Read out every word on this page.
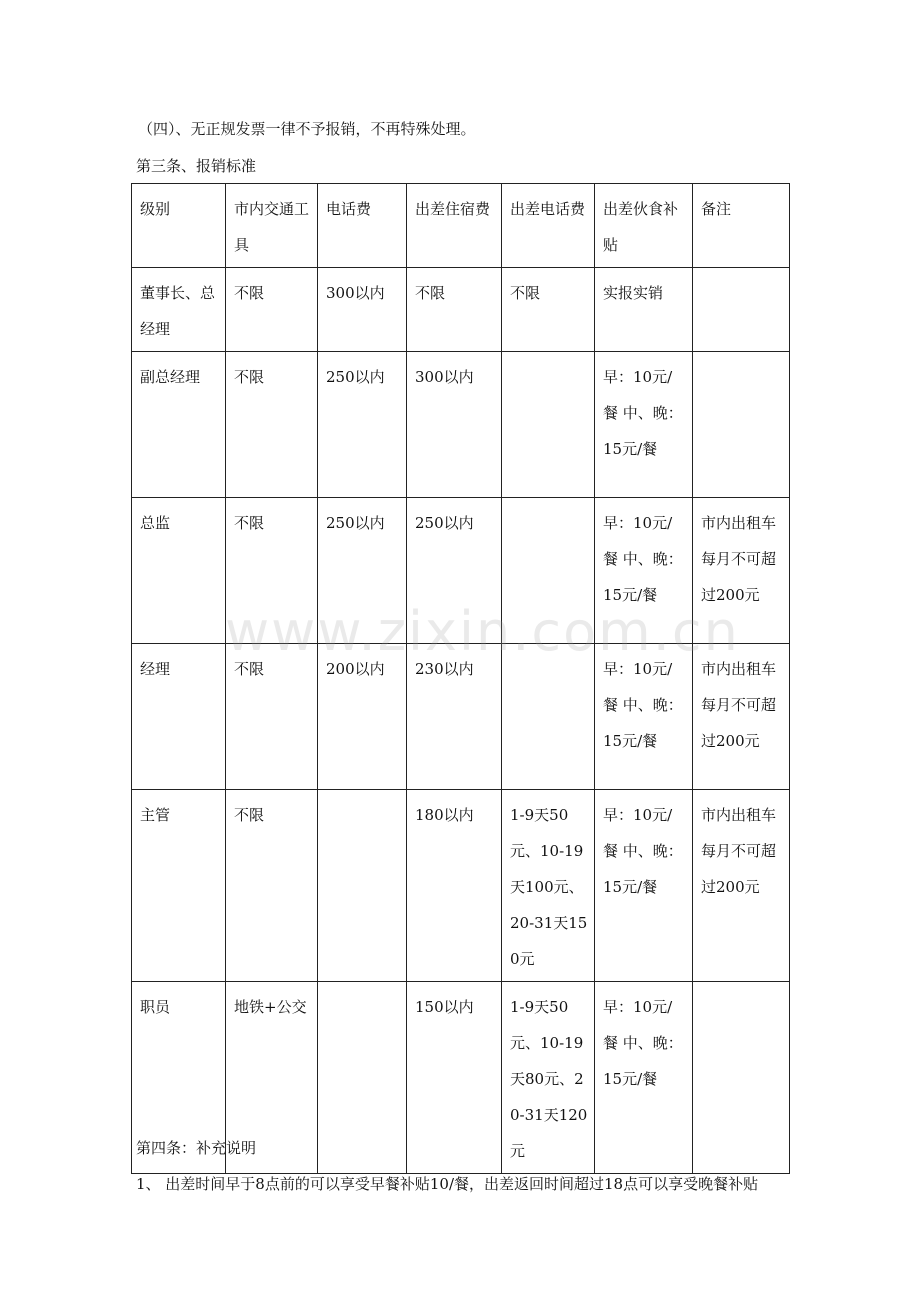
（四）、无正规发票一律不予报销，不再特殊处理。
第三条、报销标准
级别	市内交通工具	电话费	出差住宿费	出差电话费	出差伙食补贴	备注
董事长、总经理	不限	300以内	不限	不限	实报实销	
副总经理	不限	250以内	300以内		早：10元/餐 中、晚：15元/餐	
总监	不限	250以内	250以内		早：10元/餐 中、晚：15元/餐	市内出租车每月不可超过200元
经理	不限	200以内	230以内		早：10元/餐 中、晚：15元/餐	市内出租车每月不可超过200元
主管	不限		180以内	1-9天50元、10-19天100元、20-31天150元	早：10元/餐 中、晚：15元/餐	市内出租车每月不可超过200元
职员	地铁+公交		150以内	1-9天50元、10-19天80元、20-31天120元	早：10元/餐 中、晚：15元/餐	
www.zixin.com.cn
第四条：补充说明
1、 出差时间早于8点前的可以享受早餐补贴10/餐，出差返回时间超过18点可以享受晚餐补贴
